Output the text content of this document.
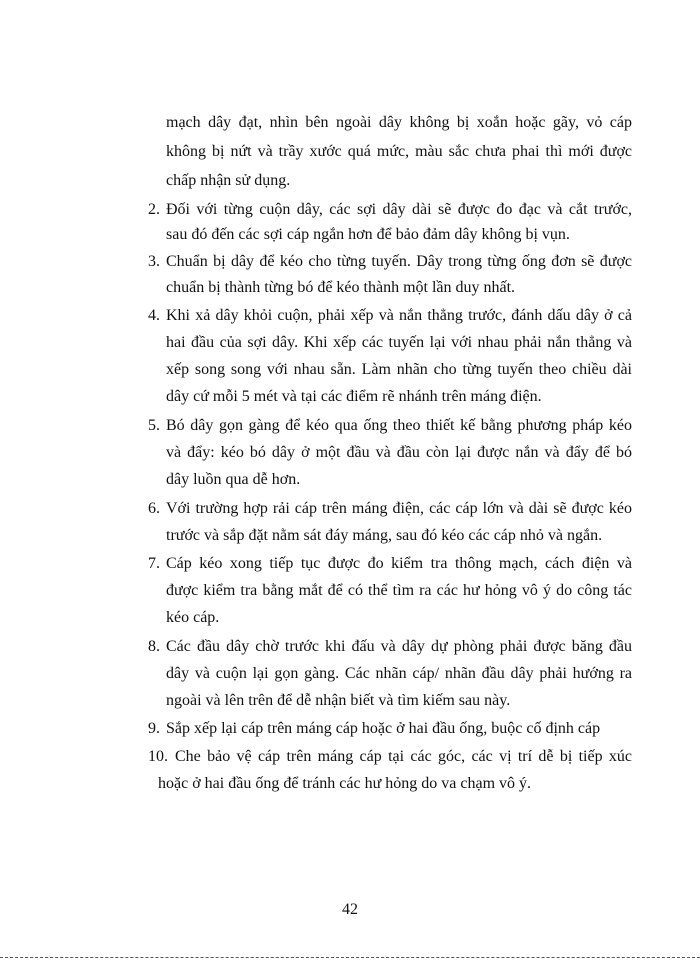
mạch dây đạt, nhìn bên ngoài dây không bị xoắn hoặc gãy, vỏ cáp
không bị nứt và trầy xước quá mức, màu sắc chưa phai thì mới được
chấp nhận sử dụng.
2. Đối với từng cuộn dây, các sợi dây dài sẽ được đo đạc và cắt trước,
sau đó đến các sợi cáp ngắn hơn để bảo đảm dây không bị vụn.
3. Chuẩn bị dây để kéo cho từng tuyến. Dây trong từng ống đơn sẽ được
chuẩn bị thành từng bó để kéo thành một lần duy nhất.
4. Khi xả dây khỏi cuộn, phải xếp và nắn thẳng trước, đánh dấu dây ở cả
hai đầu của sợi dây. Khi xếp các tuyến lại với nhau phải nắn thẳng và
xếp song song với nhau sẵn. Làm nhãn cho từng tuyến theo chiều dài
dây cứ mỗi 5 mét và tại các điểm rẽ nhánh trên máng điện.
5. Bó dây gọn gàng để kéo qua ống theo thiết kế bằng phương pháp kéo
và đẩy: kéo bó dây ở một đầu và đầu còn lại được nắn và đẩy để bó
dây luồn qua dễ hơn.
6. Với trường hợp rải cáp trên máng điện, các cáp lớn và dài sẽ được kéo
trước và sắp đặt nằm sát đáy máng, sau đó kéo các cáp nhỏ và ngắn.
7. Cáp kéo xong tiếp tục được đo kiểm tra thông mạch, cách điện và
được kiểm tra bằng mắt để có thể tìm ra các hư hỏng vô ý do công tác
kéo cáp.
8. Các đầu dây chờ trước khi đấu và dây dự phòng phải được băng đầu
dây và cuộn lại gọn gàng. Các nhãn cáp/ nhãn đầu dây phải hướng ra
ngoài và lên trên để dễ nhận biết và tìm kiếm sau này.
9. Sắp xếp lại cáp trên máng cáp hoặc ở hai đầu ống, buộc cố định cáp
10. Che bảo vệ cáp trên máng cáp tại các góc, các vị trí dễ bị tiếp xúc
hoặc ở hai đầu ống để tránh các hư hỏng do va chạm vô ý.
42
